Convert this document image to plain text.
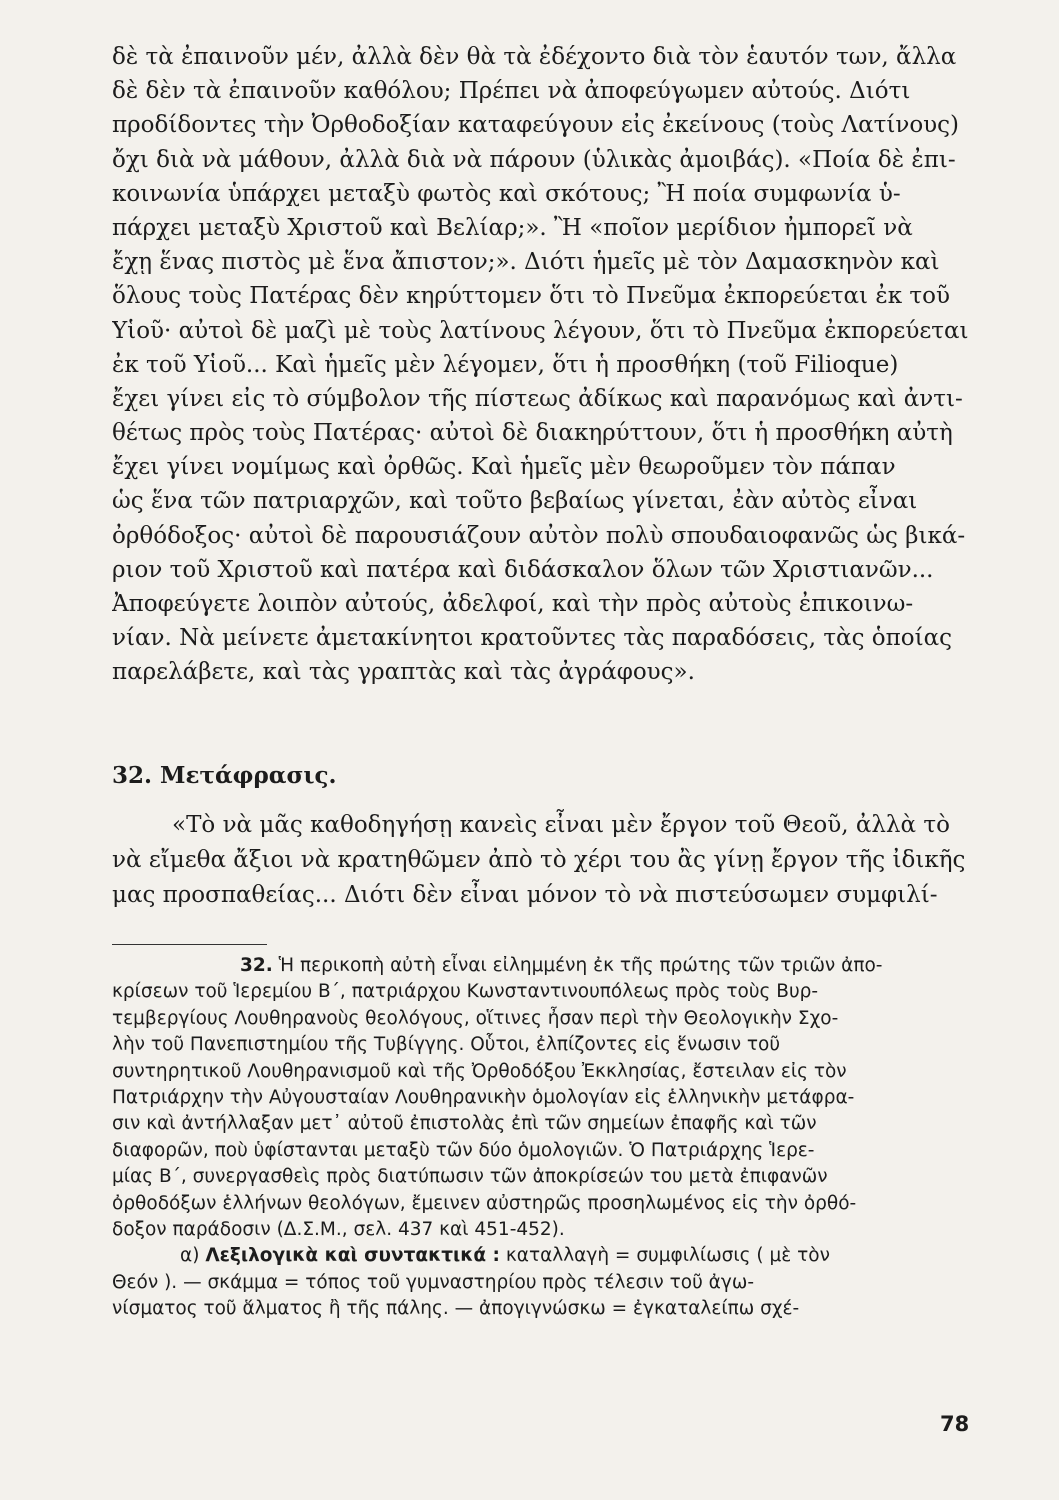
δὲ τὰ ἐπαινοῦν μέν, ἀλλὰ δὲν θὰ τὰ ἐδέχοντο διὰ τὸν ἑαυτόν των, ἄλλα
δὲ δὲν τὰ ἐπαινοῦν καθόλου; Πρέπει νὰ ἀποφεύγωμεν αὐτούς. Διότι
προδίδοντες τὴν Ὀρθοδοξίαν καταφεύγουν εἰς ἐκείνους (τοὺς Λατίνους)
ὄχι διὰ νὰ μάθουν, ἀλλὰ διὰ νὰ πάρουν (ὑλικὰς ἀμοιβάς). «Ποία δὲ ἐπι-
κοινωνία ὑπάρχει μεταξὺ φωτὸς καὶ σκότους; Ἢ ποία συμφωνία ὑ-
πάρχει μεταξὺ Χριστοῦ καὶ Βελίαρ;». Ἢ «ποῖον μερίδιον ἠμπορεῖ νὰ
ἔχῃ ἕνας πιστὸς μὲ ἕνα ἄπιστον;». Διότι ἡμεῖς μὲ τὸν Δαμασκηνὸν καὶ
ὅλους τοὺς Πατέρας δὲν κηρύττομεν ὅτι τὸ Πνεῦμα ἐκπορεύεται ἐκ τοῦ
Υἱοῦ· αὐτοὶ δὲ μαζὶ μὲ τοὺς λατίνους λέγουν, ὅτι τὸ Πνεῦμα ἐκπορεύεται
ἐκ τοῦ Υἱοῦ... Καὶ ἡμεῖς μὲν λέγομεν, ὅτι ἡ προσθήκη (τοῦ Filioque)
ἔχει γίνει εἰς τὸ σύμβολον τῆς πίστεως ἀδίκως καὶ παρανόμως καὶ ἀντι-
θέτως πρὸς τοὺς Πατέρας· αὐτοὶ δὲ διακηρύττουν, ὅτι ἡ προσθήκη αὐτὴ
ἔχει γίνει νομίμως καὶ ὀρθῶς. Καὶ ἡμεῖς μὲν θεωροῦμεν τὸν πάπαν
ὡς ἕνα τῶν πατριαρχῶν, καὶ τοῦτο βεβαίως γίνεται, ἐὰν αὐτὸς εἶναι
ὀρθόδοξος· αὐτοὶ δὲ παρουσιάζουν αὐτὸν πολὺ σπουδαιοφανῶς ὡς βικά-
ριον τοῦ Χριστοῦ καὶ πατέρα καὶ διδάσκαλον ὅλων τῶν Χριστιανῶν...
Ἀποφεύγετε λοιπὸν αὐτούς, ἀδελφοί, καὶ τὴν πρὸς αὐτοὺς ἐπικοινω-
νίαν. Νὰ μείνετε ἀμετακίνητοι κρατοῦντες τὰς παραδόσεις, τὰς ὁποίας
παρελάβετε, καὶ τὰς γραπτὰς καὶ τὰς ἀγράφους».
32. Μετάφρασις.
«Τὸ νὰ μᾶς καθοδηγήσῃ κανεὶς εἶναι μὲν ἔργον τοῦ Θεοῦ, ἀλλὰ τὸ
νὰ εἴμεθα ἄξιοι νὰ κρατηθῶμεν ἀπὸ τὸ χέρι του ἂς γίνῃ ἔργον τῆς ἰδικῆς
μας προσπαθείας... Διότι δὲν εἶναι μόνον τὸ νὰ πιστεύσωμεν συμφιλί-
32. Ἡ περικοπὴ αὐτὴ εἶναι εἰλημμένη ἐκ τῆς πρώτης τῶν τριῶν ἀπο-
κρίσεων τοῦ Ἱερεμίου Β΄, πατριάρχου Κωνσταντινουπόλεως πρὸς τοὺς Βυρ-
τεμβεργίους Λουθηρανοὺς θεολόγους, οἵτινες ἦσαν περὶ τὴν Θεολογικὴν Σχο-
λὴν τοῦ Πανεπιστημίου τῆς Τυβίγγης. Οὗτοι, ἐλπίζοντες εἰς ἕνωσιν τοῦ
συντηρητικοῦ Λουθηρανισμοῦ καὶ τῆς Ὀρθοδόξου Ἐκκλησίας, ἔστειλαν εἰς τὸν
Πατριάρχην τὴν Αὐγουσταίαν Λουθηρανικὴν ὁμολογίαν εἰς ἑλληνικὴν μετάφρα-
σιν καὶ ἀντήλλαξαν μετ᾽ αὐτοῦ ἐπιστολὰς ἐπὶ τῶν σημείων ἐπαφῆς καὶ τῶν
διαφορῶν, ποὺ ὑφίστανται μεταξὺ τῶν δύο ὁμολογιῶν. Ὁ Πατριάρχης Ἱερε-
μίας Β΄, συνεργασθεὶς πρὸς διατύπωσιν τῶν ἀποκρίσεών του μετὰ ἐπιφανῶν
ὀρθοδόξων ἑλλήνων θεολόγων, ἔμεινεν αὐστηρῶς προσηλωμένος εἰς τὴν ὀρθό-
δοξον παράδοσιν (Δ.Σ.Μ., σελ. 437 καὶ 451-452).
α) Λεξιλογικὰ καὶ συντακτικά : καταλλαγὴ = συμφιλίωσις ( μὲ τὸν
Θεόν ). — σκάμμα = τόπος τοῦ γυμναστηρίου πρὸς τέλεσιν τοῦ ἀγω-
νίσματος τοῦ ἅλματος ἢ τῆς πάλης. — ἀπογιγνώσκω = ἐγκαταλείπω σχέ-
78
